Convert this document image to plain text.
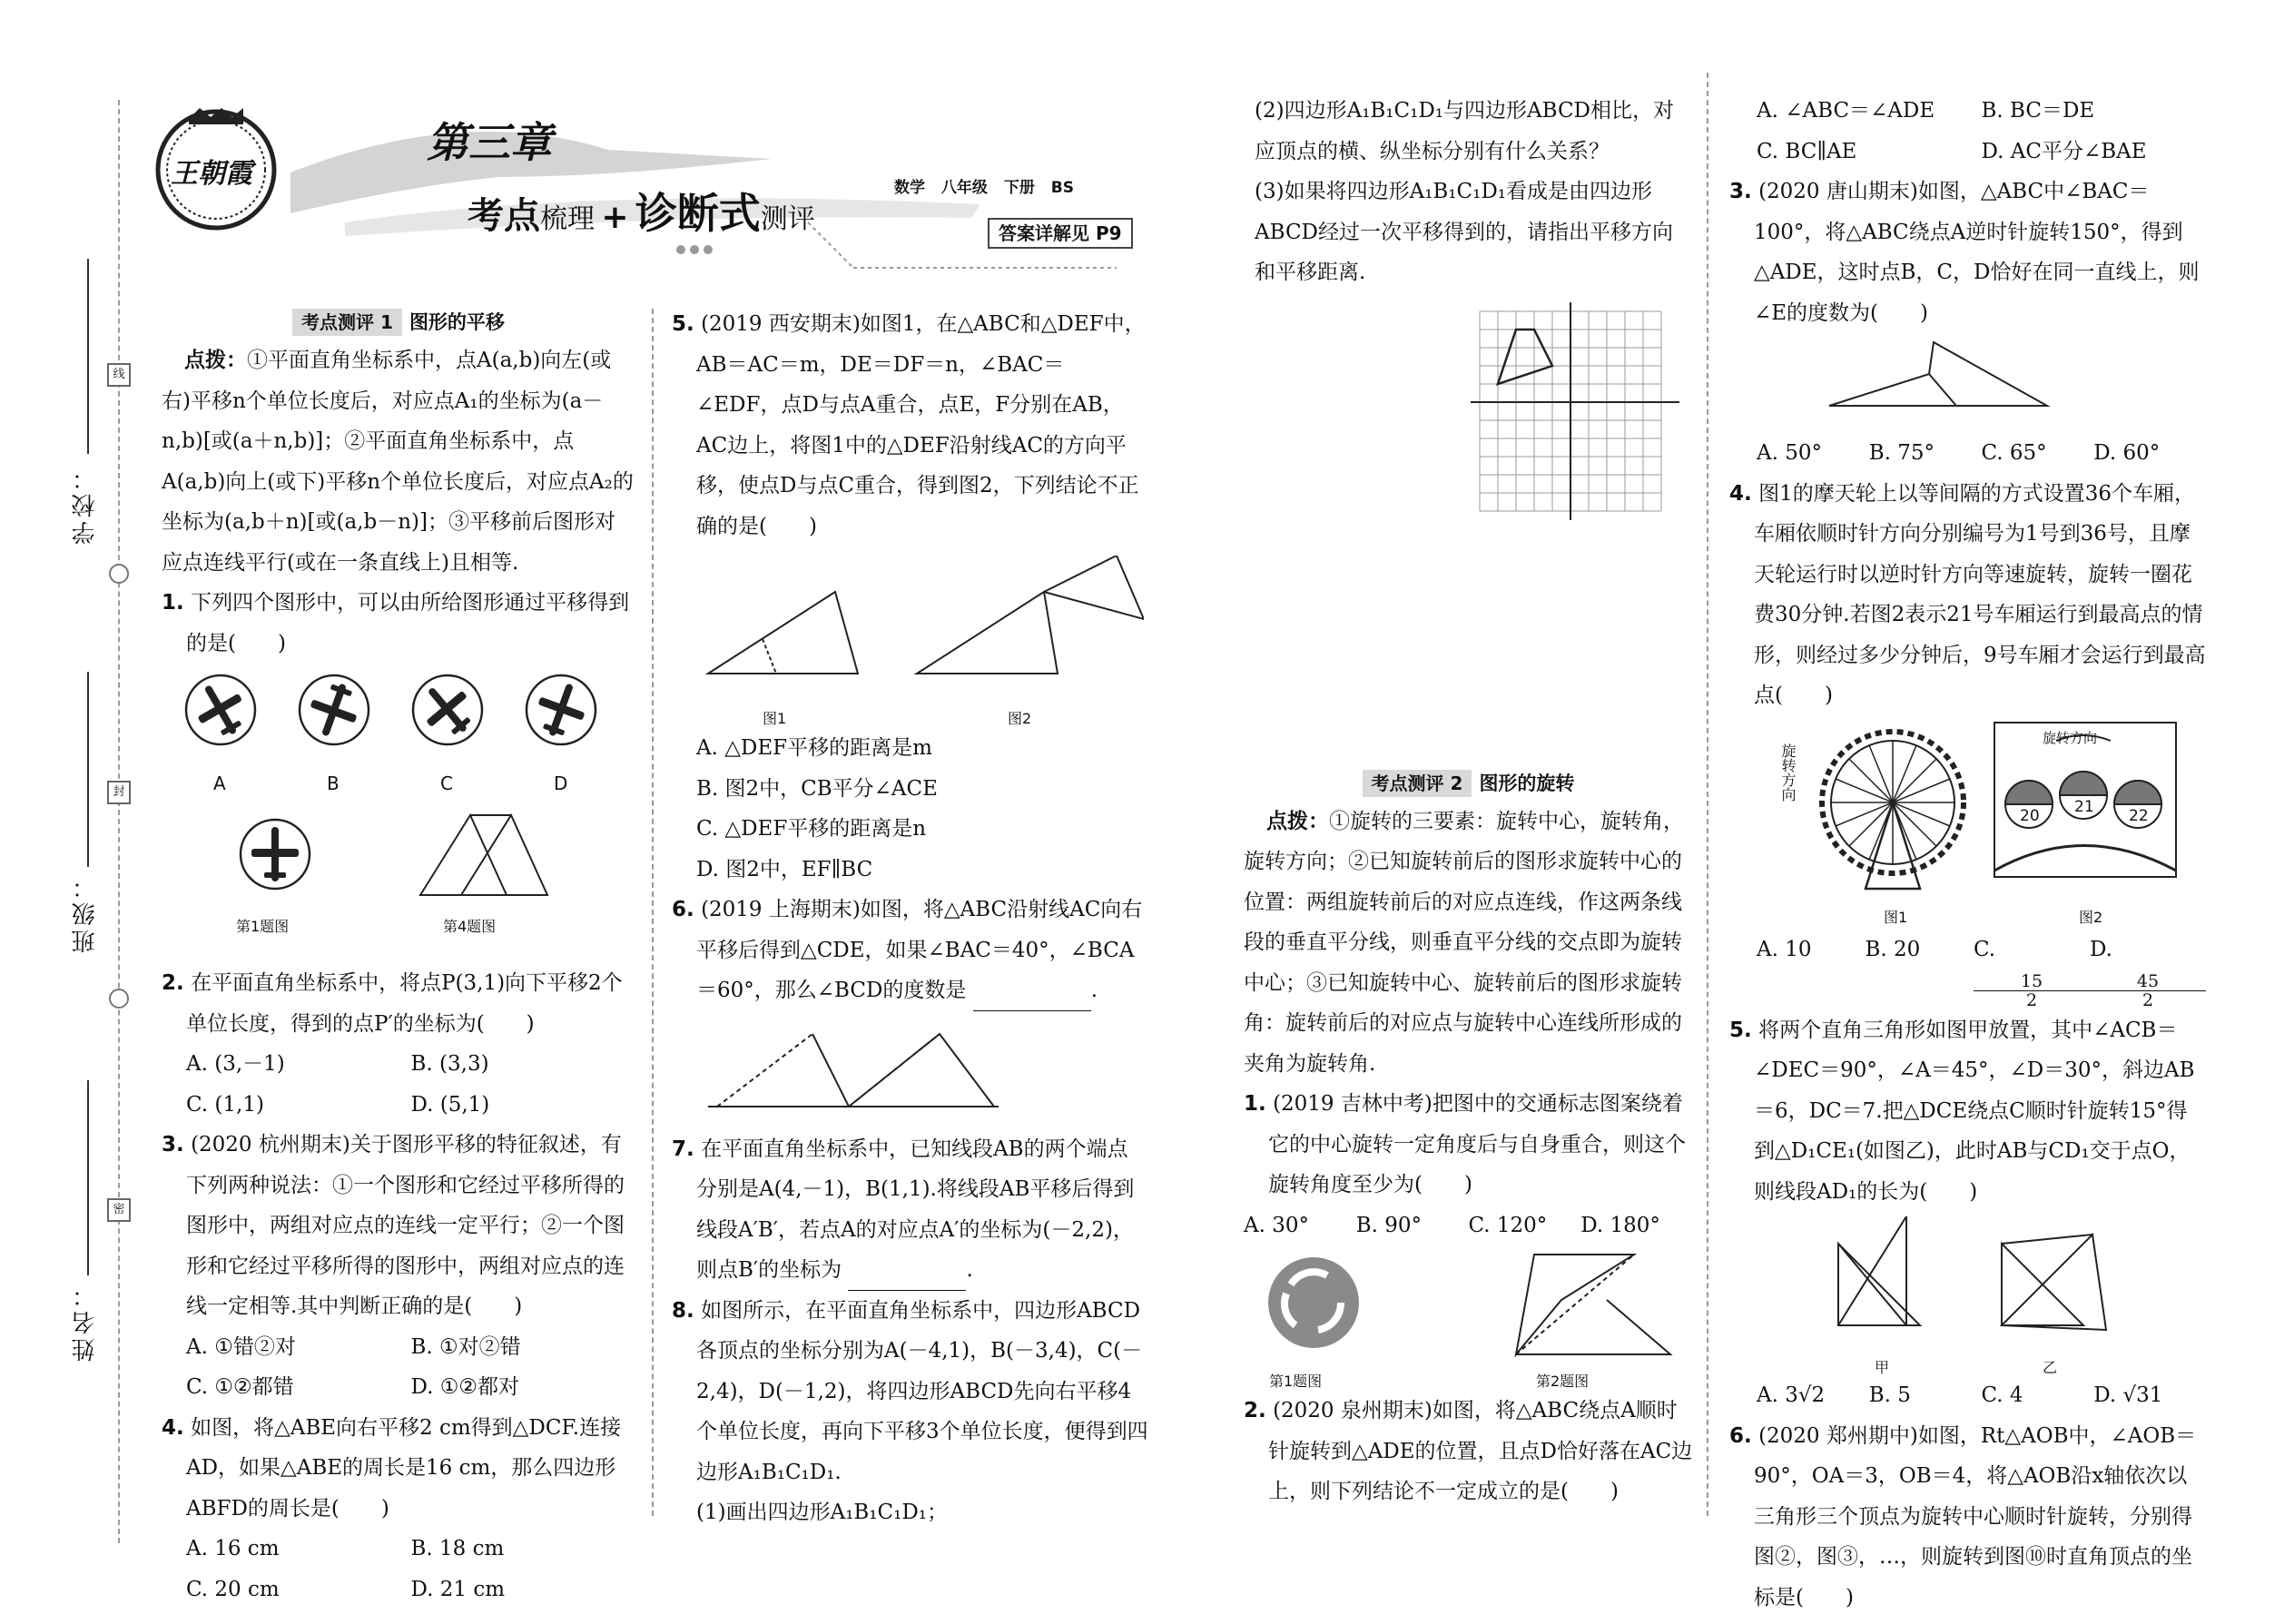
学校：
班级：
姓名：
线
封
密
王朝霞
第三章
考点梳理 + 诊断式测评
数学 八年级 下册 BS
答案详解见 P9

考点测评 1 图形的平移

点拨：①平面直角坐标系中，点A(a,b)向左(或右)平移n个单位长度后，对应点A₁的坐标为(a－n,b)[或(a＋n,b)]；②平面直角坐标系中，点A(a,b)向上(或下)平移n个单位长度后，对应点A₂的坐标为(a,b＋n)[或(a,b－n)]；③平移前后图形对应点连线平行(或在一条直线上)且相等.

1. 下列四个图形中，可以由所给图形通过平移得到的是(　　)

A	B	C	D
第1题图	第4题图

2. 在平面直角坐标系中，将点P(3,1)向下平移2个单位长度，得到的点P′的坐标为(　　)

A. (3,－1)	B. (3,3)
C. (1,1)	D. (5,1)

3. (2020 杭州期末)关于图形平移的特征叙述，有下列两种说法：①一个图形和它经过平移所得的图形中，两组对应点的连线一定平行；②一个图形和它经过平移所得的图形中，两组对应点的连线一定相等.其中判断正确的是(　　)

A. ①错②对	B. ①对②错
C. ①②都错	D. ①②都对

4. 如图，将△ABE向右平移2 cm得到△DCF.连接AD，如果△ABE的周长是16 cm，那么四边形ABFD的周长是(　　)

A. 16 cm	B. 18 cm
C. 20 cm	D. 21 cm

5. (2019 西安期末)如图1，在△ABC和△DEF中，AB＝AC＝m，DE＝DF＝n，∠BAC＝∠EDF，点D与点A重合，点E，F分别在AB，AC边上，将图1中的△DEF沿射线AC的方向平移，使点D与点C重合，得到图2，下列结论不正确的是(　　)

图1	图2

A. △DEF平移的距离是m

B. 图2中，CB平分∠ACE

C. △DEF平移的距离是n

D. 图2中，EF∥BC

6. (2019 上海期末)如图，将△ABC沿射线AC向右平移后得到△CDE，如果∠BAC＝40°，∠BCA＝60°，那么∠BCD的度数是	.

7. 在平面直角坐标系中，已知线段AB的两个端点分别是A(4,－1)，B(1,1).将线段AB平移后得到线段A′B′，若点A的对应点A′的坐标为(－2,2)，则点B′的坐标为	.

8. 如图所示，在平面直角坐标系中，四边形ABCD各顶点的坐标分别为A(－4,1)，B(－3,4)，C(－2,4)，D(－1,2)，将四边形ABCD先向右平移4个单位长度，再向下平移3个单位长度，便得到四边形A₁B₁C₁D₁.

(1)画出四边形A₁B₁C₁D₁；

(2)四边形A₁B₁C₁D₁与四边形ABCD相比，对应顶点的横、纵坐标分别有什么关系？

(3)如果将四边形A₁B₁C₁D₁看成是由四边形ABCD经过一次平移得到的，请指出平移方向和平移距离.

考点测评 2 图形的旋转

点拨：①旋转的三要素：旋转中心，旋转角，旋转方向；②已知旋转前后的图形求旋转中心的位置：两组旋转前后的对应点连线，作这两条线段的垂直平分线，则垂直平分线的交点即为旋转中心；③已知旋转中心、旋转前后的图形求旋转角：旋转前后的对应点与旋转中心连线所形成的夹角为旋转角.

1. (2019 吉林中考)把图中的交通标志图案绕着它的中心旋转一定角度后与自身重合，则这个旋转角度至少为(　　)

A. 30°	B. 90°	C. 120°	D. 180°
第1题图	第2题图

2. (2020 泉州期末)如图，将△ABC绕点A顺时针旋转到△ADE的位置，且点D恰好落在AC边上，则下列结论不一定成立的是(　　)

A. ∠ABC＝∠ADE	B. BC＝DE
C. BC∥AE	D. AC平分∠BAE

3. (2020 唐山期末)如图，△ABC中∠BAC＝100°，将△ABC绕点A逆时针旋转150°，得到△ADE，这时点B，C，D恰好在同一直线上，则∠E的度数为(　　)

A. 50°	B. 75°	C. 65°	D. 60°

4. 图1的摩天轮上以等间隔的方式设置36个车厢，车厢依顺时针方向分别编号为1号到36号，且摩天轮运行时以逆时针方向等速旋转，旋转一圈花费30分钟.若图2表示21号车厢运行到最高点的情形，则经过多少分钟后，9号车厢才会运行到最高点(　　)

旋转方向
旋转方向
20 21 22
图1	图2
A. 10	B. 20	C. $\frac{15}{2}$
D. $\frac{45}{2}$

5. 将两个直角三角形如图甲放置，其中∠ACB＝∠DEC＝90°，∠A＝45°，∠D＝30°，斜边AB＝6，DC＝7.把△DCE绕点C顺时针旋转15°得到△D₁CE₁(如图乙)，此时AB与CD₁交于点O，则线段AD₁的长为(　　)

甲	乙
A. 3√2	B. 5	C. 4	D. √31

6. (2020 郑州期中)如图，Rt△AOB中，∠AOB＝90°，OA＝3，OB＝4，将△AOB沿x轴依次以三角形三个顶点为旋转中心顺时针旋转，分别得图②，图③，…，则旋转到图⑩时直角顶点的坐标是(　　)
